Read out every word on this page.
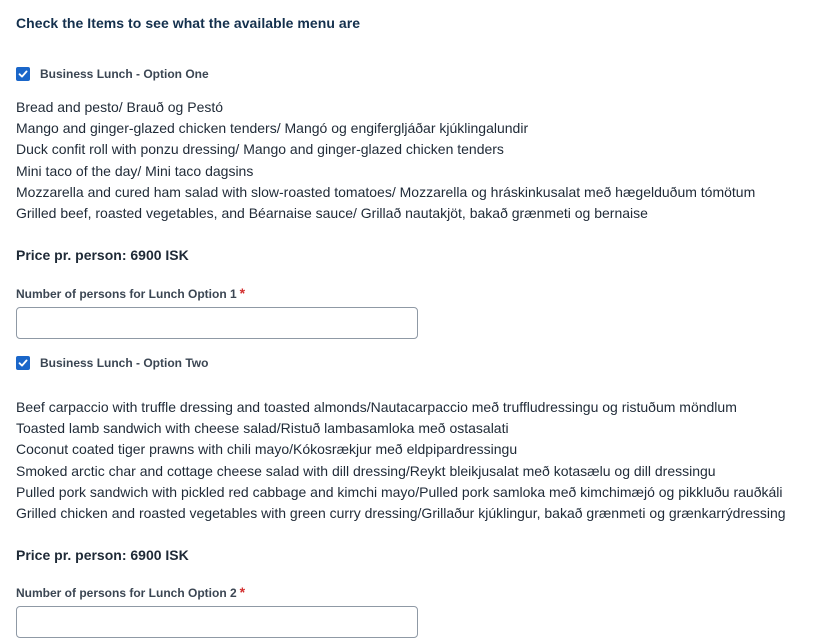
Check the Items to see what the available menu are
Business Lunch - Option One
Bread and pesto/ Brauð og Pestó
Mango and ginger-glazed chicken tenders/ Mangó og engifergljáðar kjúklingalundir
Duck confit roll with ponzu dressing/ Mango and ginger-glazed chicken tenders
Mini taco of the day/ Mini taco dagsins
Mozzarella and cured ham salad with slow-roasted tomatoes/ Mozzarella og hráskinkusalat með hægelduðum tómötum
Grilled beef, roasted vegetables, and Béarnaise sauce/ Grillað nautakjöt, bakað grænmeti og bernaise
Price pr. person: 6900 ISK
Number of persons for Lunch Option 1 *
Business Lunch - Option Two
Beef carpaccio with truffle dressing and toasted almonds/Nautacarpaccio með truffludressingu og ristuðum möndlum
Toasted lamb sandwich with cheese salad/Ristuð lambasamloka með ostasalati
Coconut coated tiger prawns with chili mayo/Kókosrækjur með eldpipardressingu
Smoked arctic char and cottage cheese salad with dill dressing/Reykt bleikjusalat með kotasælu og dill dressingu
Pulled pork sandwich with pickled red cabbage and kimchi mayo/Pulled pork samloka með kimchimæjó og pikkluðu rauðkáli
Grilled chicken and roasted vegetables with green curry dressing/Grillaður kjúklingur, bakað grænmeti og grænkarrýdressing
Price pr. person: 6900 ISK
Number of persons for Lunch Option 2 *
